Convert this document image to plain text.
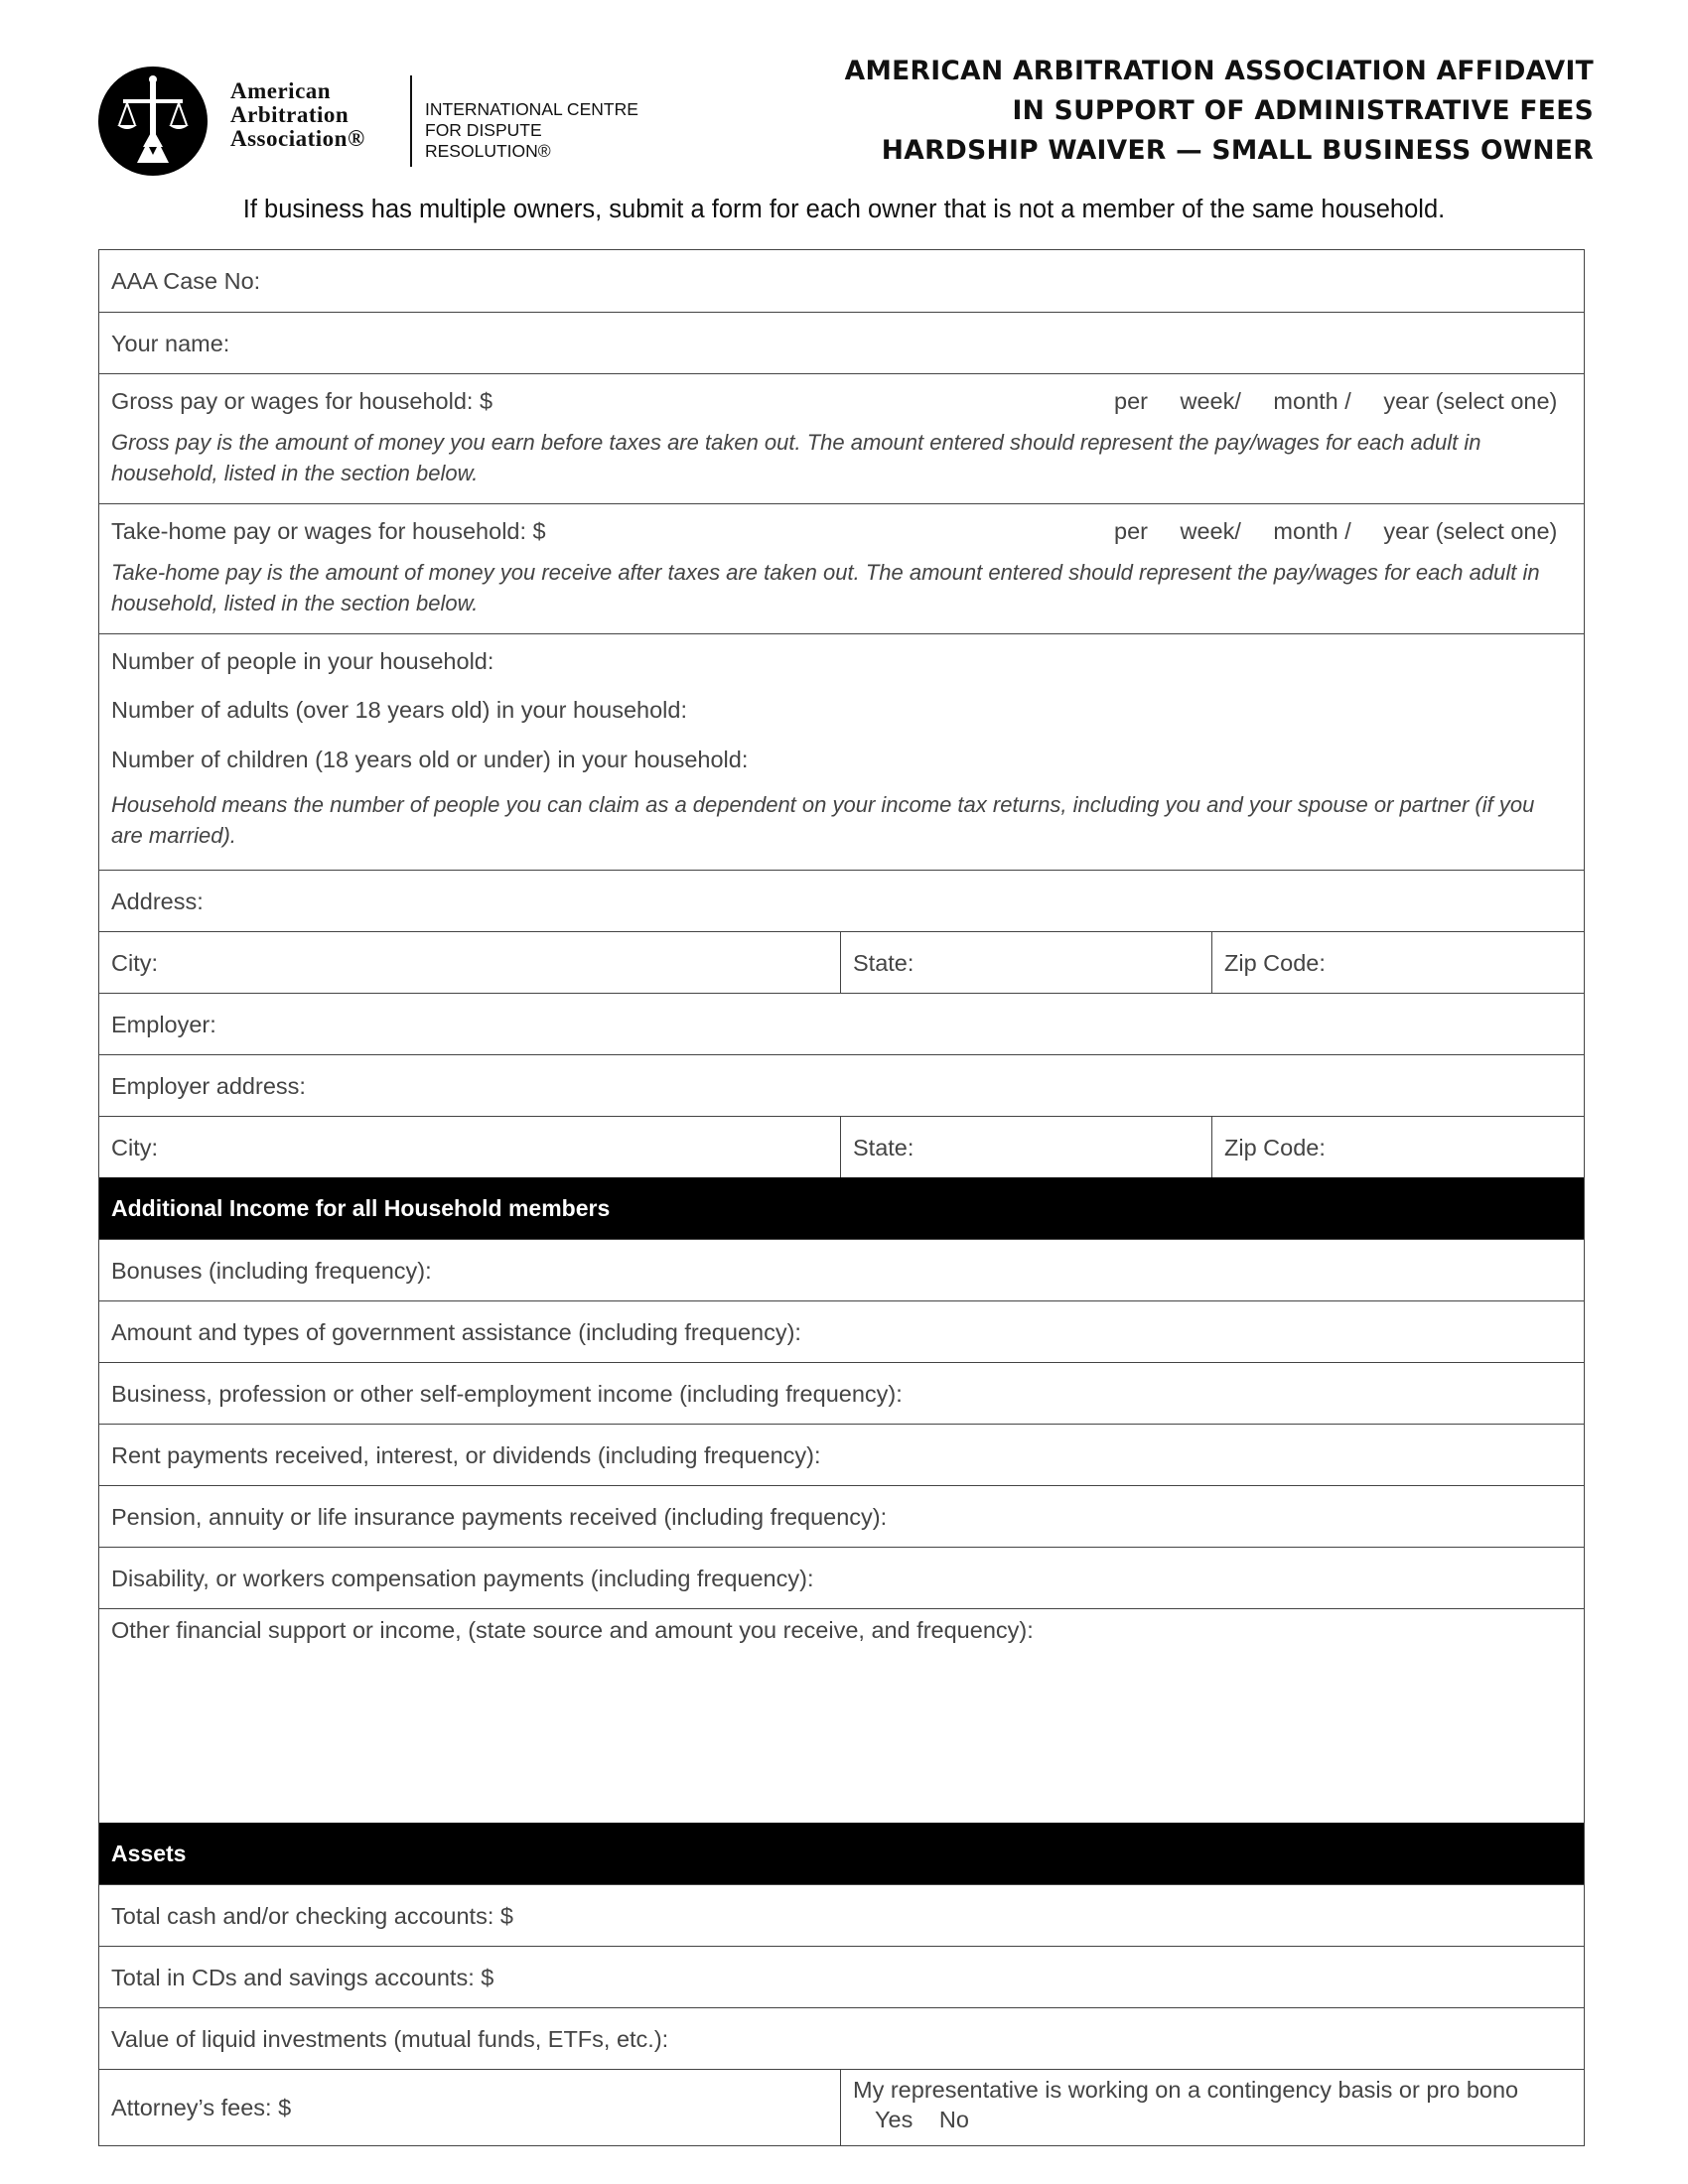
American
Arbitration
Association®
INTERNATIONAL CENTRE
FOR DISPUTE RESOLUTION®
AMERICAN ARBITRATION ASSOCIATION AFFIDAVIT
IN SUPPORT OF ADMINISTRATIVE FEES
HARDSHIP WAIVER — SMALL BUSINESS OWNER
If business has multiple owners, submit a form for each owner that is not a member of the same household.
AAA Case No:
Your name:
Gross pay or wages for household: $	per week/ month / year (select one)
Gross pay is the amount of money you earn before taxes are taken out. The amount entered should represent the pay/wages for each adult in household, listed in the section below.
Take-home pay or wages for household: $	per week/ month / year (select one)
Take-home pay is the amount of money you receive after taxes are taken out. The amount entered should represent the pay/wages for each adult in household, listed in the section below.
Number of people in your household:
Number of adults (over 18 years old) in your household:
Number of children (18 years old or under) in your household:
Household means the number of people you can claim as a dependent on your income tax returns, including you and your spouse or partner (if you are married).
Address:
City:	State:	Zip Code:
Employer:
Employer address:
City:	State:	Zip Code:
Additional Income for all Household members
Bonuses (including frequency):
Amount and types of government assistance (including frequency):
Business, profession or other self-employment income (including frequency):
Rent payments received, interest, or dividends (including frequency):
Pension, annuity or life insurance payments received (including frequency):
Disability, or workers compensation payments (including frequency):
Other financial support or income, (state source and amount you receive, and frequency):
Assets
Total cash and/or checking accounts: $
Total in CDs and savings accounts: $
Value of liquid investments (mutual funds, ETFs, etc.):
Attorney’s fees: $
My representative is working on a contingency basis or pro bono
Yes No
